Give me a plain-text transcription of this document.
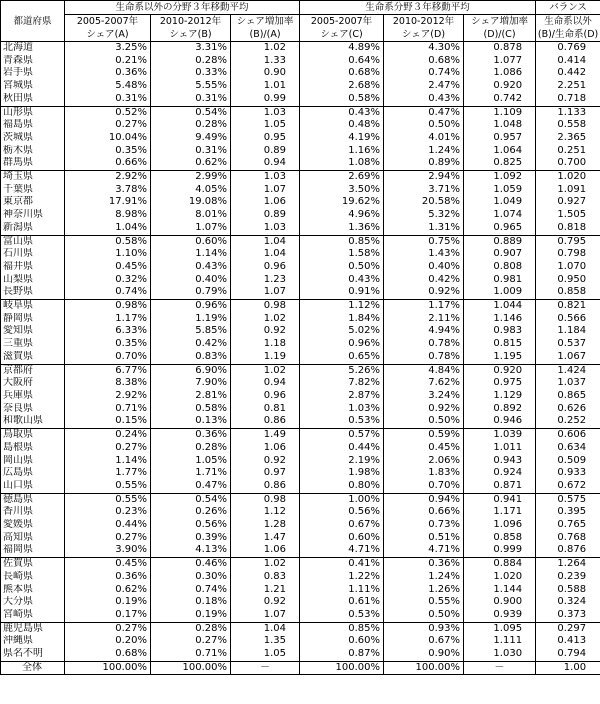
都道府県	生命系以外の分野３年移動平均			生命系分野３年移動平均			バランス
	2005-2007年	2010-2012年	シェア増加率	2005-2007年	2010-2012年	シェア増加率	生命系以外
	シェア(A)	シェア(B)	(B)/(A)	シェア(C)	シェア(D)	(D)/(C)	(B)/生命系(D)
北海道	3.25%	3.31%	1.02	4.89%	4.30%	0.878	0.769
青森県	0.21%	0.28%	1.33	0.64%	0.68%	1.077	0.414
岩手県	0.36%	0.33%	0.90	0.68%	0.74%	1.086	0.442
宮城県	5.48%	5.55%	1.01	2.68%	2.47%	0.920	2.251
秋田県	0.31%	0.31%	0.99	0.58%	0.43%	0.742	0.718
山形県	0.52%	0.54%	1.03	0.43%	0.47%	1.109	1.133
福島県	0.27%	0.28%	1.05	0.48%	0.50%	1.048	0.558
茨城県	10.04%	9.49%	0.95	4.19%	4.01%	0.957	2.365
栃木県	0.35%	0.31%	0.89	1.16%	1.24%	1.064	0.251
群馬県	0.66%	0.62%	0.94	1.08%	0.89%	0.825	0.700
埼玉県	2.92%	2.99%	1.03	2.69%	2.94%	1.092	1.020
千葉県	3.78%	4.05%	1.07	3.50%	3.71%	1.059	1.091
東京都	17.91%	19.08%	1.06	19.62%	20.58%	1.049	0.927
神奈川県	8.98%	8.01%	0.89	4.96%	5.32%	1.074	1.505
新潟県	1.04%	1.07%	1.03	1.36%	1.31%	0.965	0.818
富山県	0.58%	0.60%	1.04	0.85%	0.75%	0.889	0.795
石川県	1.10%	1.14%	1.04	1.58%	1.43%	0.907	0.798
福井県	0.45%	0.43%	0.96	0.50%	0.40%	0.808	1.070
山梨県	0.32%	0.40%	1.23	0.43%	0.42%	0.981	0.950
長野県	0.74%	0.79%	1.07	0.91%	0.92%	1.009	0.858
岐阜県	0.98%	0.96%	0.98	1.12%	1.17%	1.044	0.821
静岡県	1.17%	1.19%	1.02	1.84%	2.11%	1.146	0.566
愛知県	6.33%	5.85%	0.92	5.02%	4.94%	0.983	1.184
三重県	0.35%	0.42%	1.18	0.96%	0.78%	0.815	0.537
滋賀県	0.70%	0.83%	1.19	0.65%	0.78%	1.195	1.067
京都府	6.77%	6.90%	1.02	5.26%	4.84%	0.920	1.424
大阪府	8.38%	7.90%	0.94	7.82%	7.62%	0.975	1.037
兵庫県	2.92%	2.81%	0.96	2.87%	3.24%	1.129	0.865
奈良県	0.71%	0.58%	0.81	1.03%	0.92%	0.892	0.626
和歌山県	0.15%	0.13%	0.86	0.53%	0.50%	0.946	0.252
鳥取県	0.24%	0.36%	1.49	0.57%	0.59%	1.039	0.606
島根県	0.27%	0.28%	1.06	0.44%	0.45%	1.011	0.634
岡山県	1.14%	1.05%	0.92	2.19%	2.06%	0.943	0.509
広島県	1.77%	1.71%	0.97	1.98%	1.83%	0.924	0.933
山口県	0.55%	0.47%	0.86	0.80%	0.70%	0.871	0.672
徳島県	0.55%	0.54%	0.98	1.00%	0.94%	0.941	0.575
香川県	0.23%	0.26%	1.12	0.56%	0.66%	1.171	0.395
愛媛県	0.44%	0.56%	1.28	0.67%	0.73%	1.096	0.765
高知県	0.27%	0.39%	1.47	0.60%	0.51%	0.858	0.768
福岡県	3.90%	4.13%	1.06	4.71%	4.71%	0.999	0.876
佐賀県	0.45%	0.46%	1.02	0.41%	0.36%	0.884	1.264
長崎県	0.36%	0.30%	0.83	1.22%	1.24%	1.020	0.239
熊本県	0.62%	0.74%	1.21	1.11%	1.26%	1.144	0.588
大分県	0.19%	0.18%	0.92	0.61%	0.55%	0.900	0.324
宮崎県	0.17%	0.19%	1.07	0.53%	0.50%	0.939	0.373
鹿児島県	0.27%	0.28%	1.04	0.85%	0.93%	1.095	0.297
沖縄県	0.20%	0.27%	1.35	0.60%	0.67%	1.111	0.413
県名不明	0.68%	0.71%	1.05	0.87%	0.90%	1.030	0.794
全体	100.00%	100.00%	－	100.00%	100.00%	－	1.00
